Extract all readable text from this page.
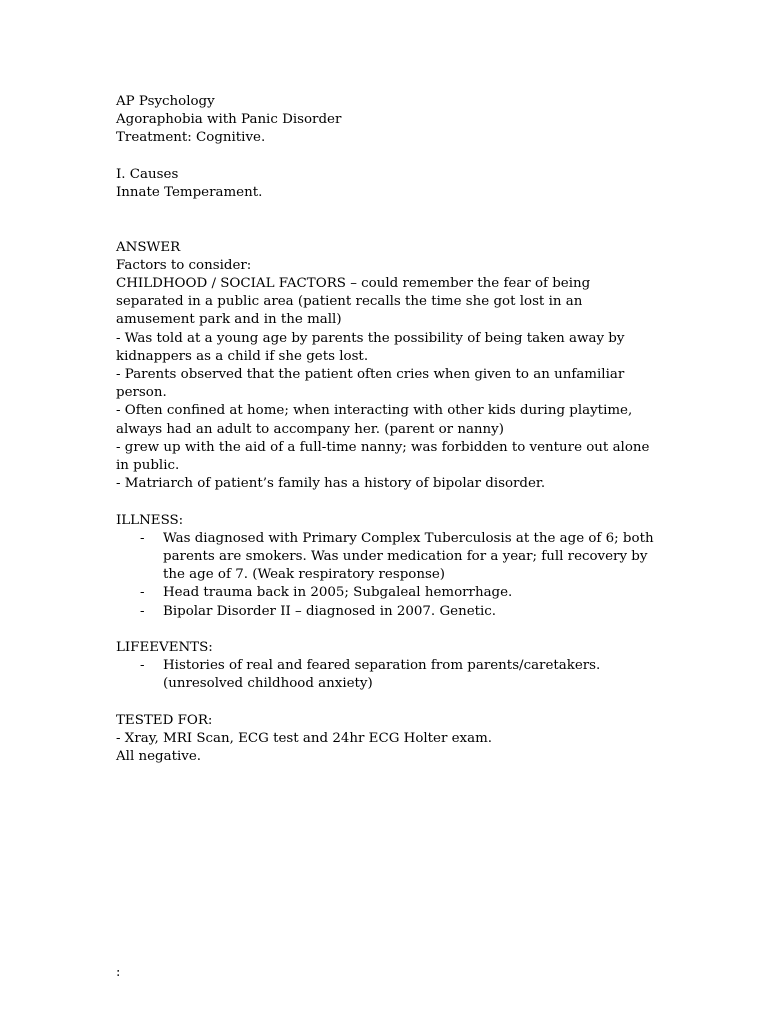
AP Psychology
Agoraphobia with Panic Disorder
Treatment: Cognitive.
I. Causes
Innate Temperament.
ANSWER
Factors to consider:
CHILDHOOD / SOCIAL FACTORS – could remember the fear of being separated in a public area (patient recalls the time she got lost in an amusement park and in the mall)
- Was told at a young age by parents the possibility of being taken away by kidnappers as a child if she gets lost.
- Parents observed that the patient often cries when given to an unfamiliar person.
- Often confined at home; when interacting with other kids during playtime, always had an adult to accompany her. (parent or nanny)
- grew up with the aid of a full-time nanny; was forbidden to venture out alone in public.
- Matriarch of patient’s family has a history of bipolar disorder.
ILLNESS:
- Was diagnosed with Primary Complex Tuberculosis at the age of 6; both parents are smokers. Was under medication for a year; full recovery by the age of 7. (Weak respiratory response)
- Head trauma back in 2005; Subgaleal hemorrhage.
- Bipolar Disorder II – diagnosed in 2007. Genetic.
LIFEEVENTS:
- Histories of real and feared separation from parents/caretakers. (unresolved childhood anxiety)
TESTED FOR:
- Xray, MRI Scan, ECG test and 24hr ECG Holter exam.
All negative.
:
